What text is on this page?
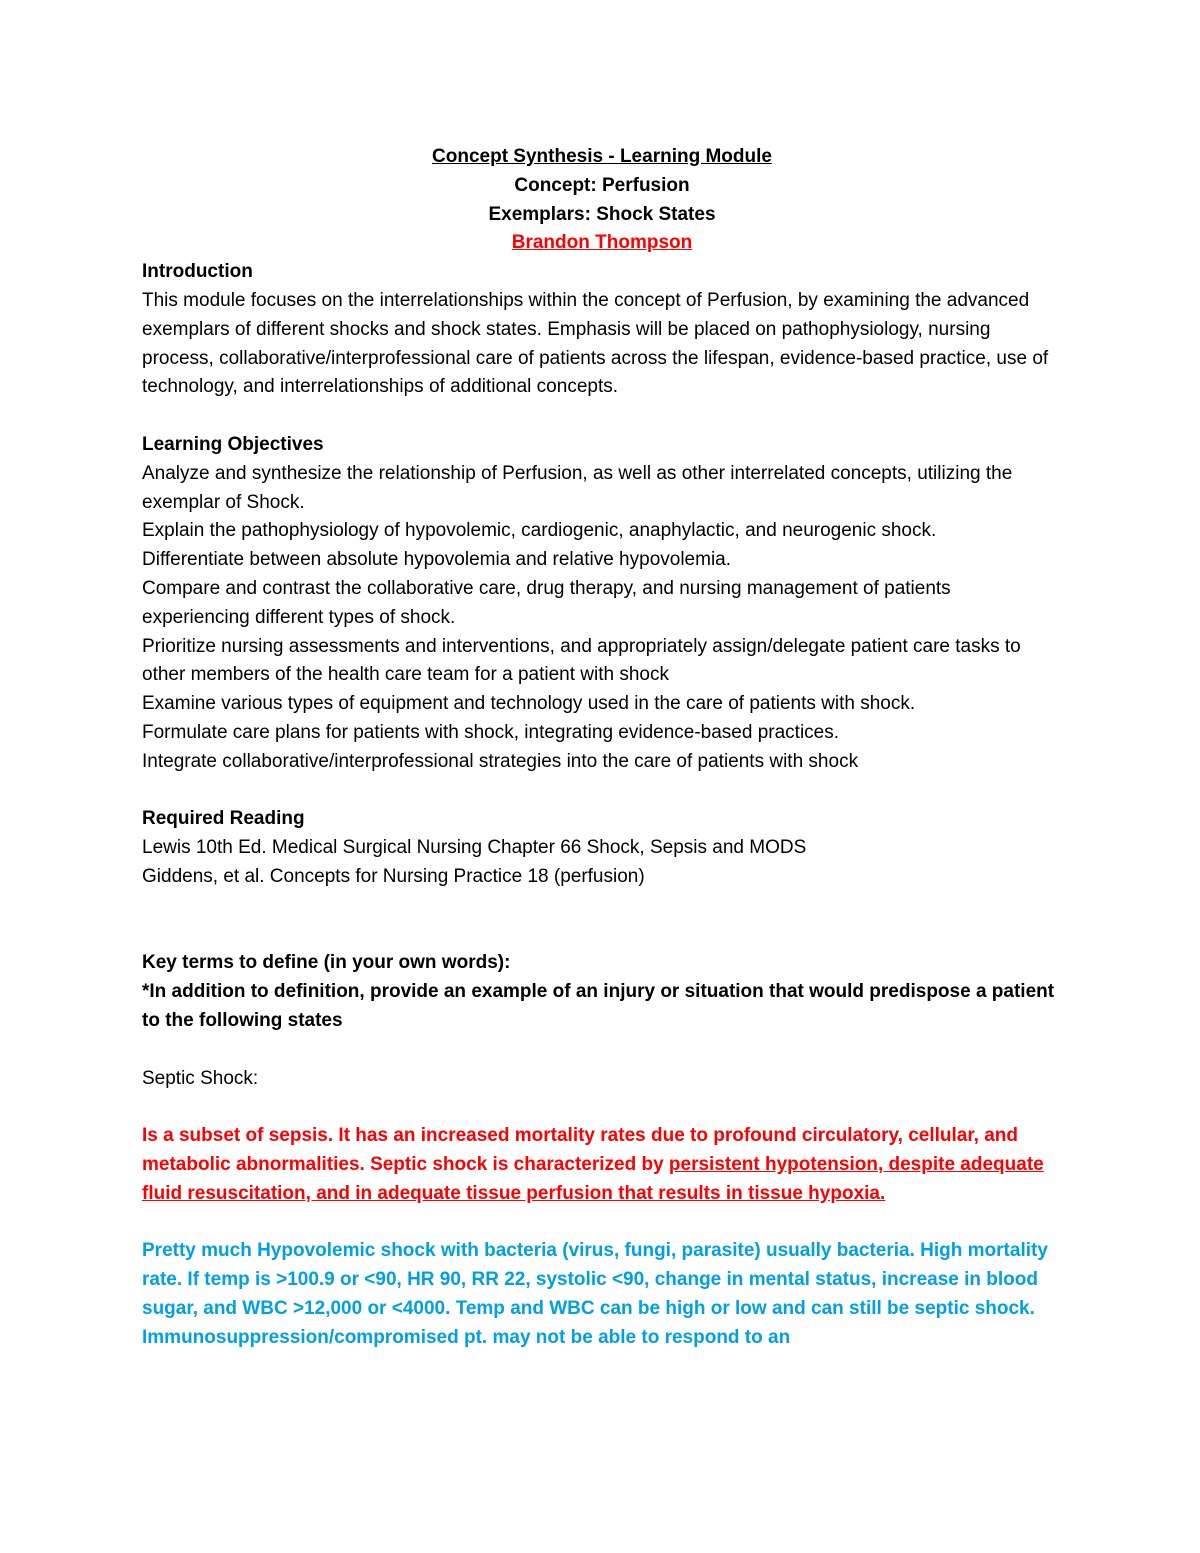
Concept Synthesis - Learning Module

Concept: Perfusion

Exemplars: Shock States

Brandon Thompson

Introduction

This module focuses on the interrelationships within the concept of Perfusion, by examining the advanced exemplars of different shocks and shock states. Emphasis will be placed on pathophysiology, nursing process, collaborative/interprofessional care of patients across the lifespan, evidence-based practice, use of technology, and interrelationships of additional concepts.

Learning Objectives

Analyze and synthesize the relationship of Perfusion, as well as other interrelated concepts, utilizing the exemplar of Shock.

Explain the pathophysiology of hypovolemic, cardiogenic, anaphylactic, and neurogenic shock.

Differentiate between absolute hypovolemia and relative hypovolemia.

Compare and contrast the collaborative care, drug therapy, and nursing management of patients experiencing different types of shock.

Prioritize nursing assessments and interventions, and appropriately assign/delegate patient care tasks to other members of the health care team for a patient with shock

Examine various types of equipment and technology used in the care of patients with shock.

Formulate care plans for patients with shock, integrating evidence-based practices.

Integrate collaborative/interprofessional strategies into the care of patients with shock

Required Reading

Lewis 10th Ed. Medical Surgical Nursing Chapter 66 Shock, Sepsis and MODS

Giddens, et al. Concepts for Nursing Practice 18 (perfusion)

Key terms to define (in your own words):

*In addition to definition, provide an example of an injury or situation that would predispose a patient to the following states

Septic Shock:

Is a subset of sepsis. It has an increased mortality rates due to profound circulatory, cellular, and metabolic abnormalities. Septic shock is characterized by persistent hypotension, despite adequate fluid resuscitation, and in adequate tissue perfusion that results in tissue hypoxia.

Pretty much Hypovolemic shock with bacteria (virus, fungi, parasite) usually bacteria. High mortality rate. If temp is >100.9 or <90, HR 90, RR 22, systolic <90, change in mental status, increase in blood sugar, and WBC >12,000 or <4000. Temp and WBC can be high or low and can still be septic shock. Immunosuppression/compromised pt. may not be able to respond to an
